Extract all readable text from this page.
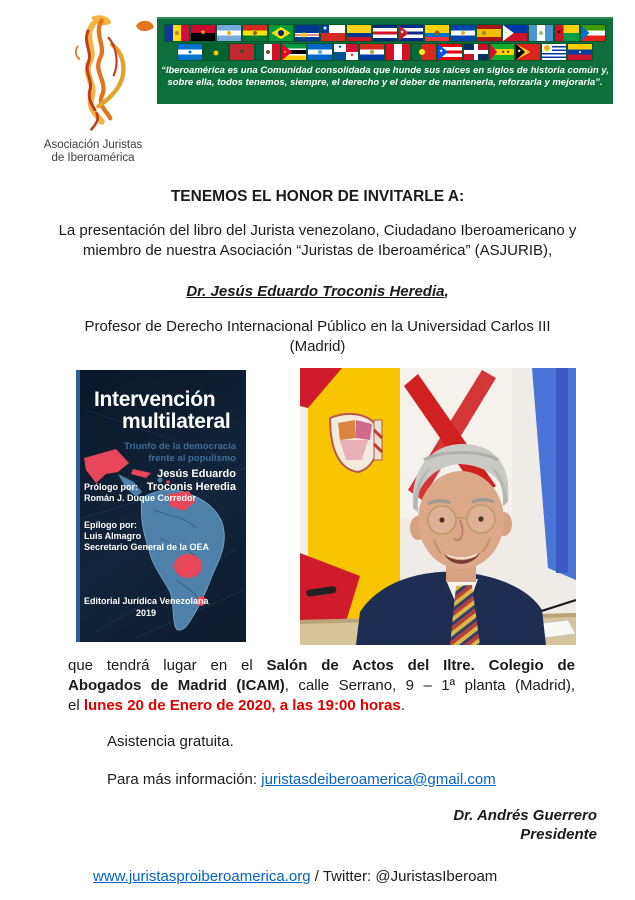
Asociación Juristas
de Iberoamérica
★
★
★	★	★
★	★
★
★
★	★ ★ ★
“Iberoamérica es una Comunidad consolidada que hunde sus raíces en siglos de historia común y,
sobre ella, todos tenemos, siempre, el derecho y el deber de mantenerla, reforzarla y mejorarla”.
TENEMOS EL HONOR DE INVITARLE A:
La presentación del libro del Jurista venezolano, Ciudadano Iberoamericano y
miembro de nuestra Asociación “Juristas de Iberoamérica” (ASJURIB),
Dr. Jesús Eduardo Troconis Heredia,
Profesor de Derecho Internacional Público en la Universidad Carlos III
(Madrid)
Intervención
multilateral
Triunfo de la democracia
frente al populismo
Jesús Eduardo
Troconis Heredia
Prólogo por:
Román J. Duque Corredor
Epílogo por:
Luis Almagro
Secretario General de la OEA
Editorial Jurídica Venezolana
2019
que tendrá lugar en el Salón de Actos del Iltre. Colegio de
Abogados de Madrid (ICAM), calle Serrano, 9 – 1ª planta (Madrid),
el lunes 20 de Enero de 2020, a las 19:00 horas.
Asistencia gratuita.
Para más información: juristasdeiberoamerica@gmail.com
Dr. Andrés Guerrero
Presidente
www.juristasproiberoamerica.org / Twitter: @JuristasIberoam
